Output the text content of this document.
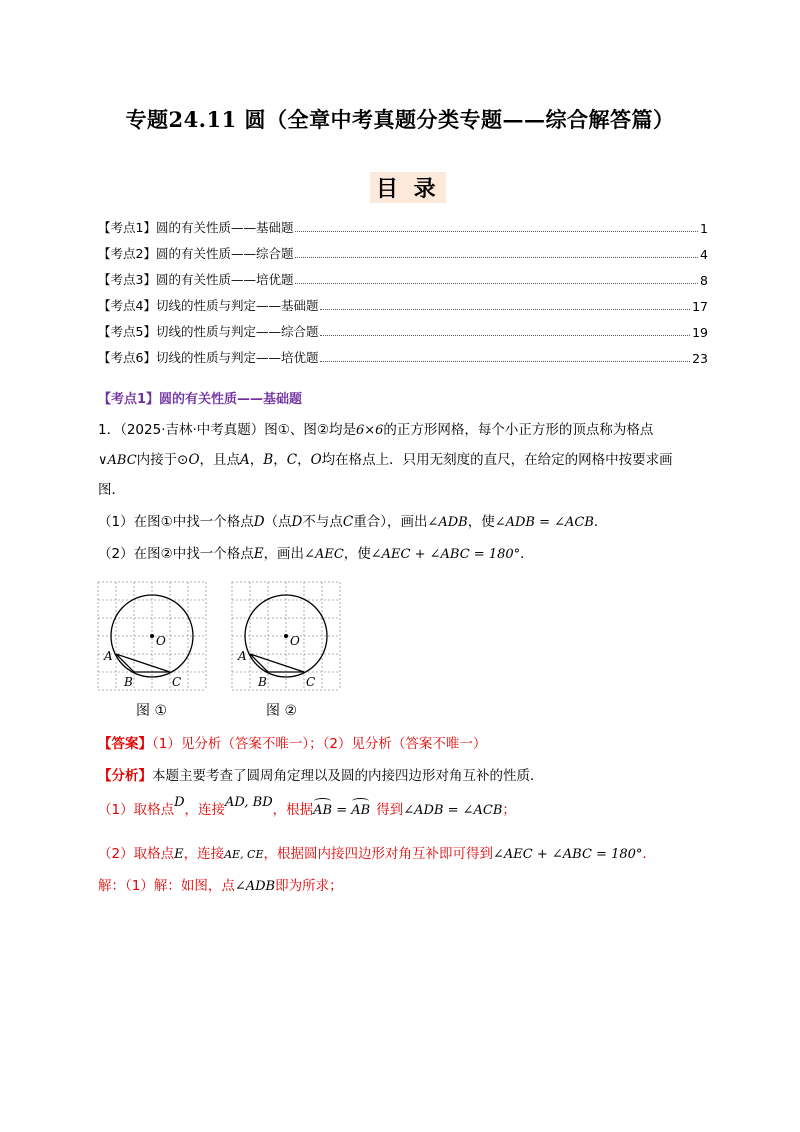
专题24.11 圆（全章中考真题分类专题——综合解答篇）
目 录
【考点1】 圆的有关性质——基础题	1
【考点2】 圆的有关性质——综合题	4
【考点3】 圆的有关性质——培优题	8
【考点4】 切线的性质与判定——基础题	17
【考点5】 切线的性质与判定——综合题	19
【考点6】 切线的性质与判定——培优题	23
【考点1】圆的有关性质——基础题
1．（2025·吉林·中考真题）图①、图②均是6×6的正方形网格，每个小正方形的顶点称为格点
∨ABC内接于⊙O，且点A，B，C，O均在格点上．只用无刻度的直尺，在给定的网格中按要求画
图．
（1）在图①中找一个格点D（点D不与点C重合），画出∠ADB，使∠ADB = ∠ACB．
（2）在图②中找一个格点E，画出∠AEC，使∠AEC + ∠ABC = 180°．
O
A
B	C
图 ①
O
A
B	C
图 ②
【答案】（1）见分析（答案不唯一）；（2）见分析（答案不唯一）
【分析】本题主要考查了圆周角定理以及圆的内接四边形对角互补的性质．
（1）取格点D，连接AD, BD，根据AB = AB 得到∠ADB = ∠ACB；
（2）取格点E，连接AE, CE，根据圆内接四边形对角互补即可得到∠AEC + ∠ABC = 180°．
解：（1）解：如图，点∠ADB即为所求；
